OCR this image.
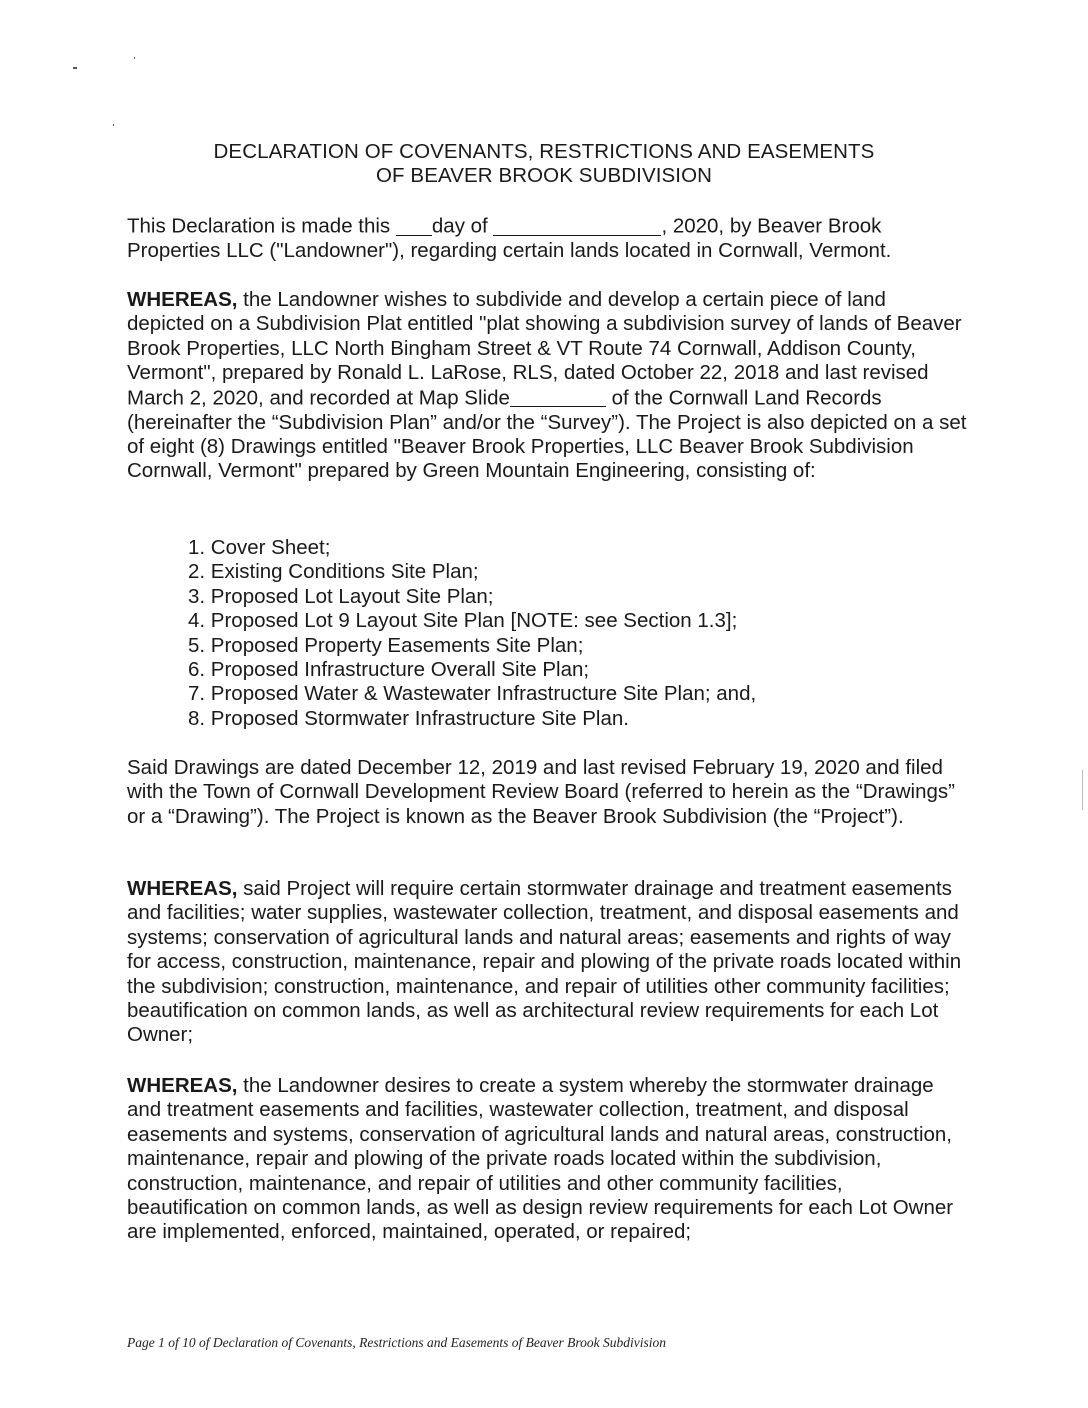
DECLARATION OF COVENANTS, RESTRICTIONS AND EASEMENTS
OF BEAVER BROOK SUBDIVISION

This Declaration is made this day of	, 2020, by Beaver Brook Properties LLC ("Landowner"), regarding certain lands located in Cornwall, Vermont.

WHEREAS, the Landowner wishes to subdivide and develop a certain piece of land depicted on a Subdivision Plat entitled "plat showing a subdivision survey of lands of Beaver Brook Properties, LLC North Bingham Street & VT Route 74 Cornwall, Addison County, Vermont", prepared by Ronald L. LaRose, RLS, dated October 22, 2018 and last revised March 2, 2020, and recorded at Map Slide	of the Cornwall Land Records (hereinafter the “Subdivision Plan” and/or the “Survey”). The Project is also depicted on a set of eight (8) Drawings entitled "Beaver Brook Properties, LLC Beaver Brook Subdivision Cornwall, Vermont" prepared by Green Mountain Engineering, consisting of:

1. Cover Sheet;
2. Existing Conditions Site Plan;
3. Proposed Lot Layout Site Plan;
4. Proposed Lot 9 Layout Site Plan [NOTE: see Section 1.3];
5. Proposed Property Easements Site Plan;
6. Proposed Infrastructure Overall Site Plan;
7. Proposed Water & Wastewater Infrastructure Site Plan; and,
8. Proposed Stormwater Infrastructure Site Plan.

Said Drawings are dated December 12, 2019 and last revised February 19, 2020 and filed with the Town of Cornwall Development Review Board (referred to herein as the “Drawings” or a “Drawing”). The Project is known as the Beaver Brook Subdivision (the “Project”).

WHEREAS, said Project will require certain stormwater drainage and treatment easements and facilities; water supplies, wastewater collection, treatment, and disposal easements and systems; conservation of agricultural lands and natural areas; easements and rights of way for access, construction, maintenance, repair and plowing of the private roads located within the subdivision; construction, maintenance, and repair of utilities other community facilities; beautification on common lands, as well as architectural review requirements for each Lot Owner;

WHEREAS, the Landowner desires to create a system whereby the stormwater drainage and treatment easements and facilities, wastewater collection, treatment, and disposal easements and systems, conservation of agricultural lands and natural areas, construction, maintenance, repair and plowing of the private roads located within the subdivision, construction, maintenance, and repair of utilities and other community facilities, beautification on common lands, as well as design review requirements for each Lot Owner are implemented, enforced, maintained, operated, or repaired;

Page 1 of 10 of Declaration of Covenants, Restrictions and Easements of Beaver Brook Subdivision
